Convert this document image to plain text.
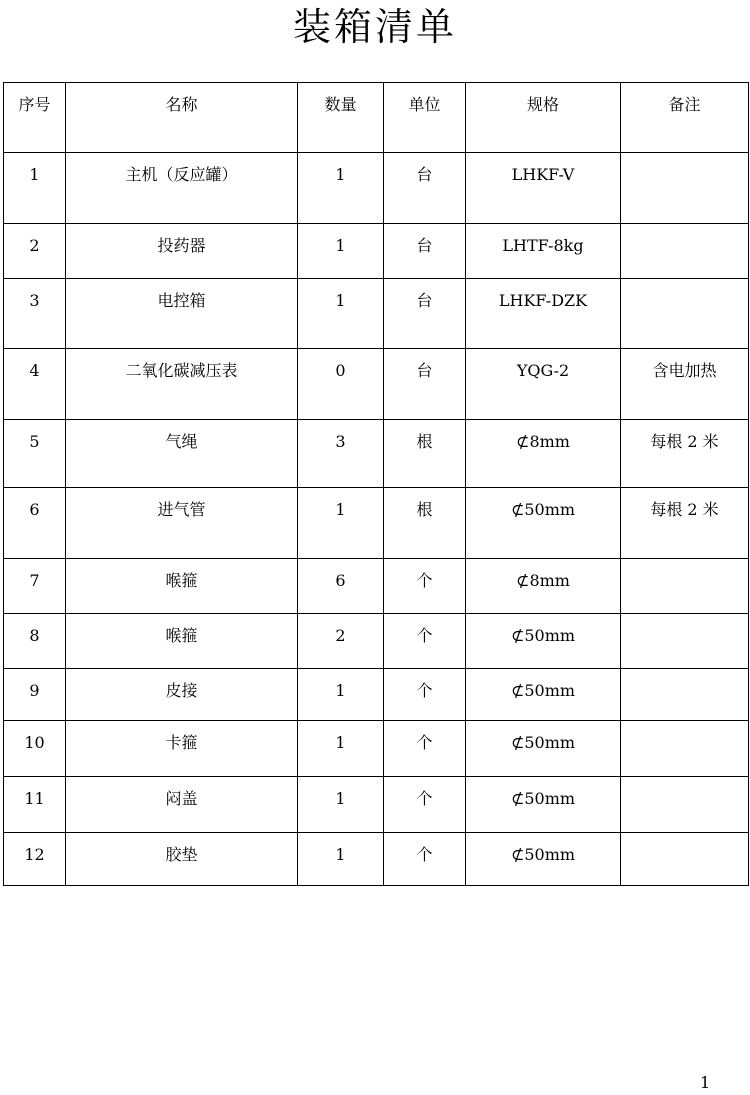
装箱清单
序号	名称	数量	单位	规格	备注
1	主机（反应罐）	1	台	LHKF-V	
2	投药器	1	台	LHTF-8kg	
3	电控箱	1	台	LHKF-DZK	
4	二氧化碳减压表	0	台	YQG-2	含电加热
5	气绳	3	根	⊄8mm	每根 2 米
6	进气管	1	根	⊄50mm	每根 2 米
7	喉箍	6	个	⊄8mm	
8	喉箍	2	个	⊄50mm	
9	皮接	1	个	⊄50mm	
10	卡箍	1	个	⊄50mm	
11	闷盖	1	个	⊄50mm	
12	胶垫	1	个	⊄50mm	
1
